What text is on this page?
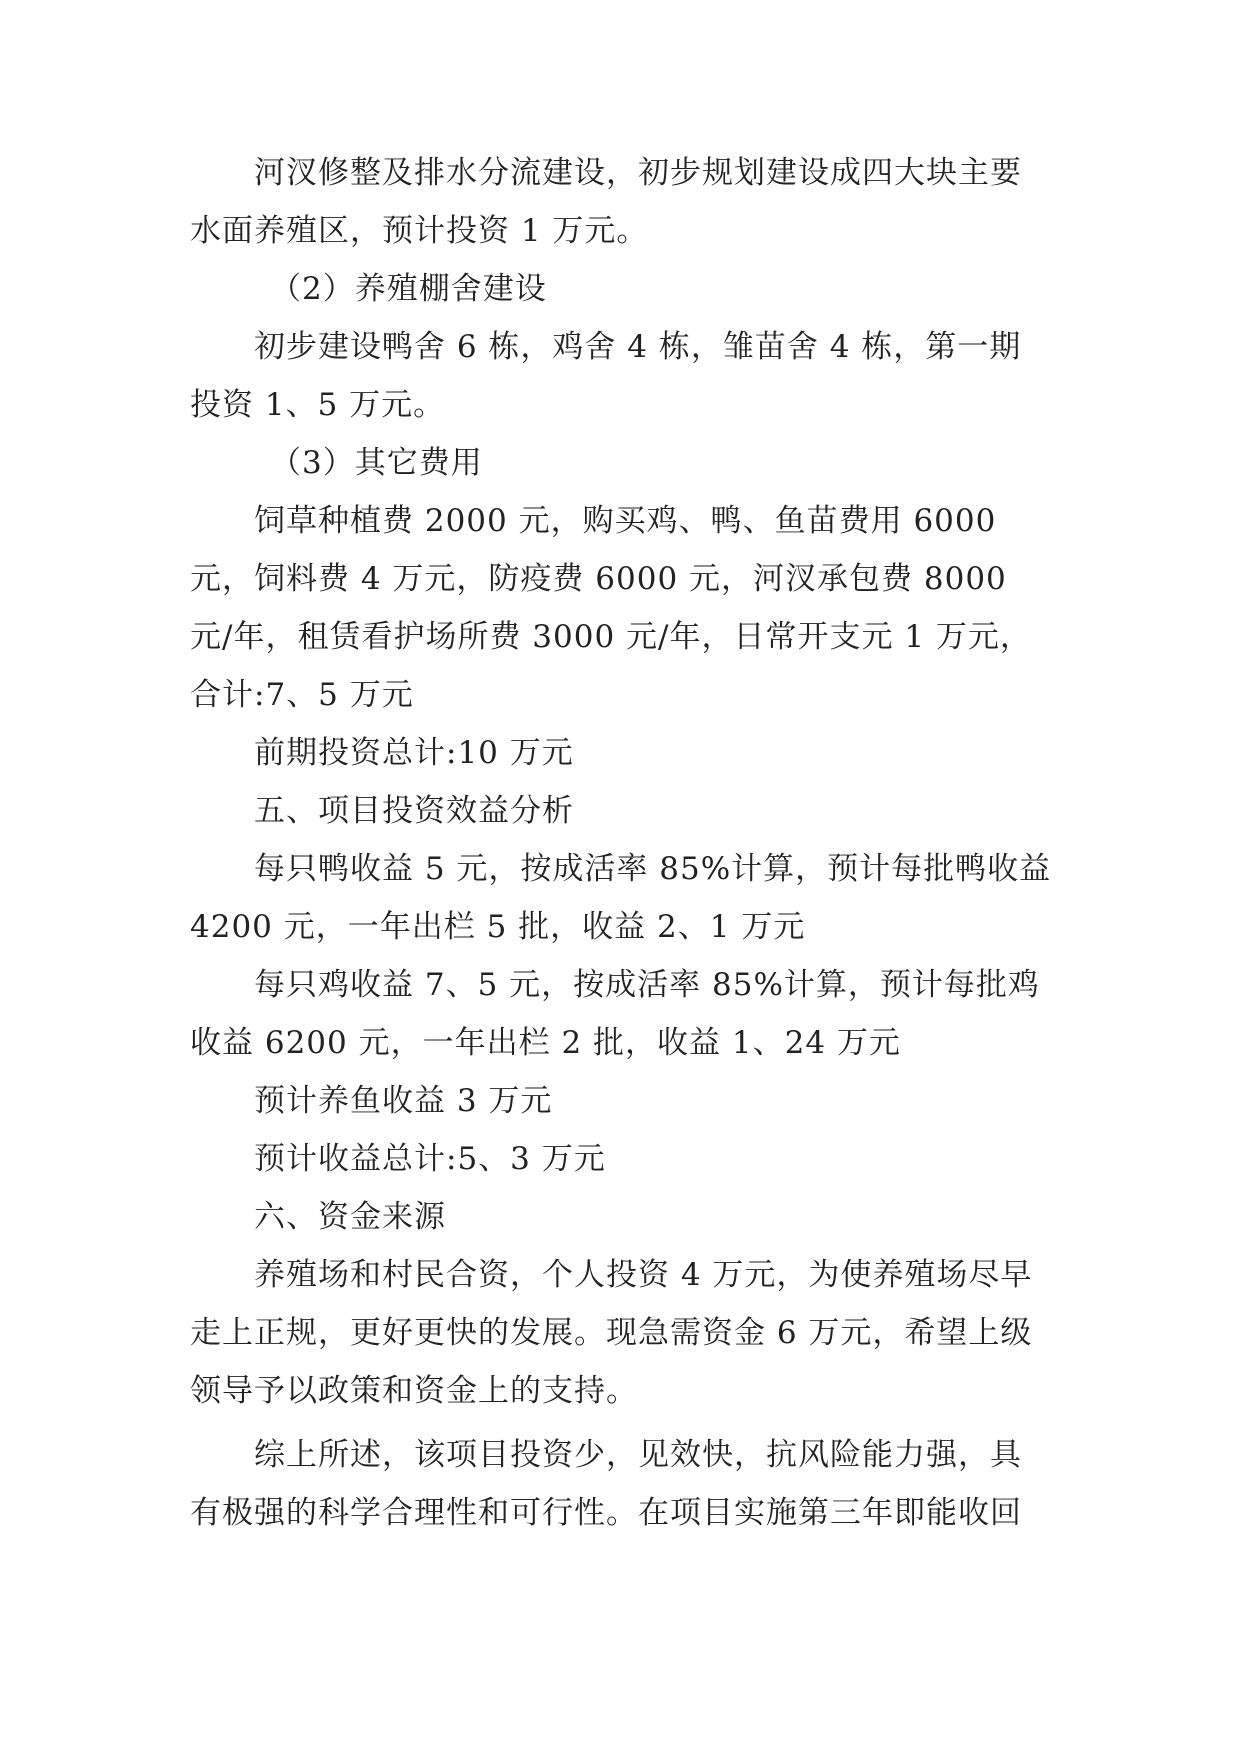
河汊修整及排水分流建设，初步规划建设成四大块主要水面养殖区，预计投资 1 万元。

（2）养殖棚舍建设

初步建设鸭舍 6 栋，鸡舍 4 栋，雏苗舍 4 栋，第一期投资 1、5 万元。

（3）其它费用

饲草种植费 2000 元，购买鸡、鸭、鱼苗费用 6000 元，饲料费 4 万元，防疫费 6000 元，河汊承包费 8000 元/年，租赁看护场所费 3000 元/年，日常开支元 1 万元，合计:7、5 万元

前期投资总计:10 万元

五、项目投资效益分析

每只鸭收益 5 元，按成活率 85%计算，预计每批鸭收益 4200 元，一年出栏 5 批，收益 2、1 万元

每只鸡收益 7、5 元，按成活率 85%计算，预计每批鸡收益 6200 元，一年出栏 2 批，收益 1、24 万元

预计养鱼收益 3 万元

预计收益总计:5、3 万元

六、资金来源

养殖场和村民合资，个人投资 4 万元，为使养殖场尽早走上正规，更好更快的发展。现急需资金 6 万元，希望上级领导予以政策和资金上的支持。

综上所述，该项目投资少，见效快，抗风险能力强，具有极强的科学合理性和可行性。在项目实施第三年即能收回
